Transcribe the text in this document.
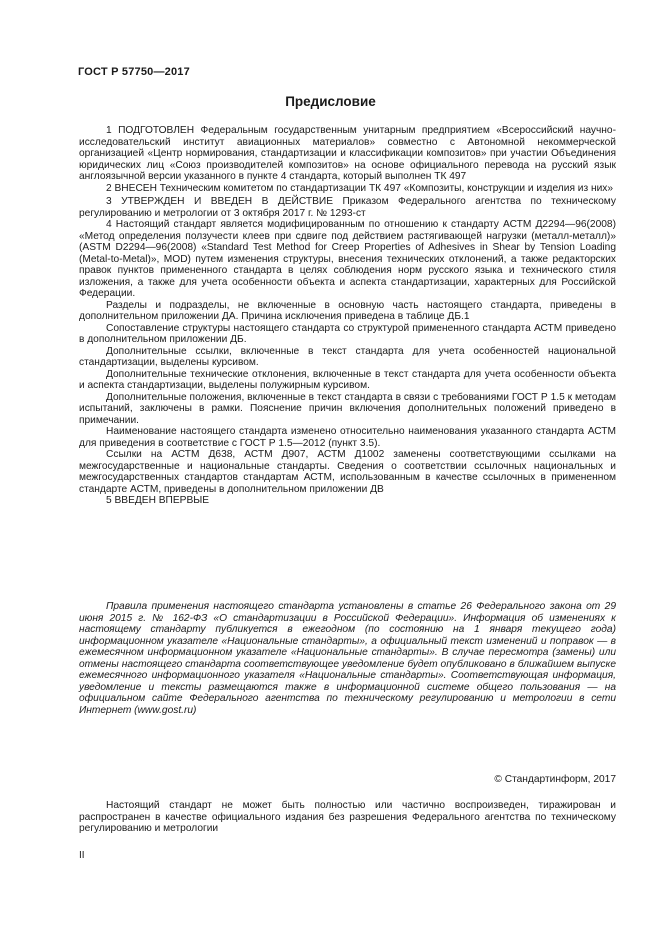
ГОСТ Р 57750—2017
Предисловие

1 ПОДГОТОВЛЕН Федеральным государственным унитарным предприятием «Всероссийский научно-исследовательский институт авиационных материалов» совместно с Автономной некоммерческой организацией «Центр нормирования, стандартизации и классификации композитов» при участии Объединения юридических лиц «Союз производителей композитов» на основе официального перевода на русский язык англоязычной версии указанного в пункте 4 стандарта, который выполнен ТК 497

2 ВНЕСЕН Техническим комитетом по стандартизации ТК 497 «Композиты, конструкции и изделия из них»

3 УТВЕРЖДЕН И ВВЕДЕН В ДЕЙСТВИЕ Приказом Федерального агентства по техническому регулированию и метрологии от 3 октября 2017 г. № 1293-ст

4 Настоящий стандарт является модифицированным по отношению к стандарту АСТМ Д2294—96(2008) «Метод определения ползучести клеев при сдвиге под действием растягивающей нагрузки (металл-металл)» (ASTM D2294—96(2008) «Standard Test Method for Creep Properties of Adhesives in Shear by Tension Loading (Metal-to-Metal)», MOD) путем изменения структуры, внесения технических отклонений, а также редакторских правок пунктов примененного стандарта в целях соблюдения норм русского языка и технического стиля изложения, а также для учета особенности объекта и аспекта стандартизации, характерных для Российской Федерации.

Разделы и подразделы, не включенные в основную часть настоящего стандарта, приведены в дополнительном приложении ДА. Причина исключения приведена в таблице ДБ.1

Сопоставление структуры настоящего стандарта со структурой примененного стандарта АСТМ приведено в дополнительном приложении ДБ.

Дополнительные ссылки, включенные в текст стандарта для учета особенностей национальной стандартизации, выделены курсивом.

Дополнительные технические отклонения, включенные в текст стандарта для учета особенности объекта и аспекта стандартизации, выделены полужирным курсивом.

Дополнительные положения, включенные в текст стандарта в связи с требованиями ГОСТ Р 1.5 к методам испытаний, заключены в рамки. Пояснение причин включения дополнительных положений приведено в примечании.

Наименование настоящего стандарта изменено относительно наименования указанного стандарта АСТМ для приведения в соответствие с ГОСТ Р 1.5—2012 (пункт 3.5).

Ссылки на АСТМ Д638, АСТМ Д907, АСТМ Д1002 заменены соответствующими ссылками на межгосударственные и национальные стандарты. Сведения о соответствии ссылочных национальных и межгосударственных стандартов стандартам АСТМ, использованным в качестве ссылочных в примененном стандарте АСТМ, приведены в дополнительном приложении ДВ

5 ВВЕДЕН ВПЕРВЫЕ

Правила применения настоящего стандарта установлены в статье 26 Федерального закона от 29 июня 2015 г. № 162-ФЗ «О стандартизации в Российской Федерации». Информация об изменениях к настоящему стандарту публикуется в ежегодном (по состоянию на 1 января текущего года) информационном указателе «Национальные стандарты», а официальный текст изменений и поправок — в ежемесячном информационном указателе «Национальные стандарты». В случае пересмотра (замены) или отмены настоящего стандарта соответствующее уведомление будет опубликовано в ближайшем выпуске ежемесячного информационного указателя «Национальные стандарты». Соответствующая информация, уведомление и тексты размещаются также в информационной системе общего пользования — на официальном сайте Федерального агентства по техническому регулированию и метрологии в сети Интернет (www.gost.ru)

© Стандартинформ, 2017

Настоящий стандарт не может быть полностью или частично воспроизведен, тиражирован и распространен в качестве официального издания без разрешения Федерального агентства по техническому регулированию и метрологии

II
